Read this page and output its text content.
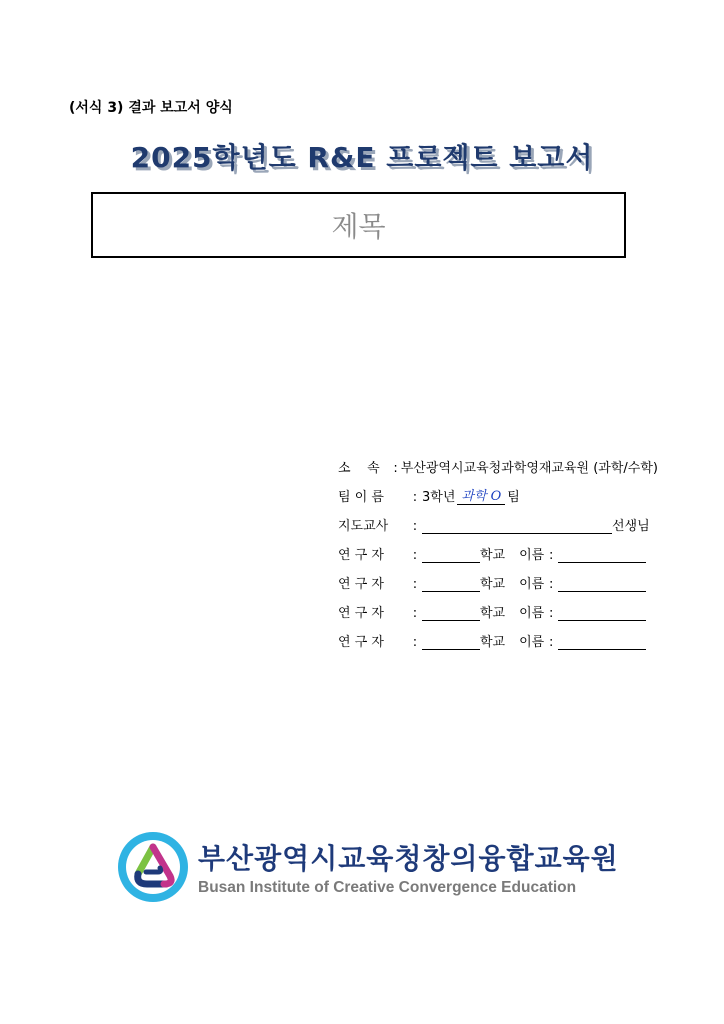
(서식 3) 결과 보고서 양식
2025학년도 R&E 프로젝트 보고서
제목
소    속	: 부산광역시교육청과학영재교육원 (과학/수학)
팀 이 름	: 3학년 과학 O 팀
지도교사	:	선생님
연 구 자	:	학교 이름 :
연 구 자	:	학교 이름 :
연 구 자	:	학교 이름 :
연 구 자	:	학교 이름 :
부산광역시교육청창의융합교육원
Busan Institute of Creative Convergence Education
